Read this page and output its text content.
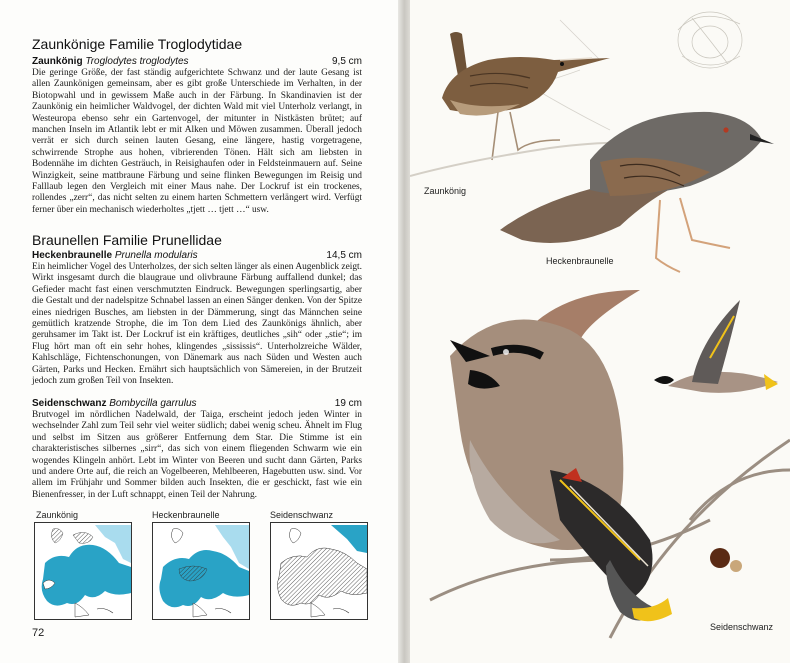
Zaunkönige Familie Troglodytidae
Zaunkönig Troglodytes troglodytes	9,5 cm

Die geringe Größe, der fast ständig aufgerichtete Schwanz und der laute Gesang ist allen Zaunkönigen gemeinsam, aber es gibt große Unterschiede im Verhalten, in der Biotopwahl und in gewissem Maße auch in der Färbung. In Skandinavien ist der Zaunkönig ein heimlicher Waldvogel, der dichten Wald mit viel Unterholz verlangt, in Westeuropa ebenso sehr ein Gartenvogel, der mitunter in Nistkästen brütet; auf manchen Inseln im Atlantik lebt er mit Alken und Möwen zusammen. Überall jedoch verrät er sich durch seinen lauten Gesang, eine längere, hastig vorgetragene, schwirrende Strophe aus hohen, vibrierenden Tönen. Hält sich am liebsten in Bodennähe im dichten Gesträuch, in Reisighaufen oder in Feldsteinmauern auf. Seine Winzigkeit, seine mattbraune Färbung und seine flinken Bewegungen im Reisig und Falllaub legen den Vergleich mit einer Maus nahe. Der Lockruf ist ein trockenes, rollendes „zerr“, das nicht selten zu einem harten Schmettern verlängert wird. Verfügt ferner über ein mechanisch wiederholtes „tjett … tjett …“ usw.

Braunellen Familie Prunellidae
Heckenbraunelle Prunella modularis	14,5 cm

Ein heimlicher Vogel des Unterholzes, der sich selten länger als einen Augenblick zeigt. Wirkt insgesamt durch die blaugraue und olivbraune Färbung auffallend dunkel; das Gefieder macht fast einen verschmutzten Eindruck. Bewegungen sperlingsartig, aber die Gestalt und der nadelspitze Schnabel lassen an einen Sänger denken. Von der Spitze eines niedrigen Busches, am liebsten in der Dämmerung, singt das Männchen seine gemütlich kratzende Strophe, die im Ton dem Lied des Zaunkönigs ähnlich, aber geruhsamer im Takt ist. Der Lockruf ist ein kräftiges, deutliches „sih“ oder „stie“; im Flug hört man oft ein sehr hohes, klingendes „sississis“. Unterholzreiche Wälder, Kahlschläge, Fichtenschonungen, von Dänemark aus nach Süden und Westen auch Gärten, Parks und Hecken. Ernährt sich hauptsächlich von Sämereien, in der Brutzeit jedoch zum großen Teil von Insekten.

Seidenschwanz Bombycilla garrulus	19 cm

Brutvogel im nördlichen Nadelwald, der Taiga, erscheint jedoch jeden Winter in wechselnder Zahl zum Teil sehr viel weiter südlich; dabei wenig scheu. Ähnelt im Flug und selbst im Sitzen aus größerer Entfernung dem Star. Die Stimme ist ein charakteristisches silbernes „sirr“, das sich von einem fliegenden Schwarm wie ein wogendes Klingeln anhört. Lebt im Winter von Beeren und sucht dann Gärten, Parks und andere Orte auf, die reich an Vogelbeeren, Mehlbeeren, Hagebutten usw. sind. Vor allem im Frühjahr und Sommer bilden auch Insekten, die er geschickt, fast wie ein Bienenfresser, in der Luft schnappt, einen Teil der Nahrung.

Zaunkönig	Heckenbraunelle	Seidenschwanz
72
Zaunkönig
Heckenbraunelle
Seidenschwanz
